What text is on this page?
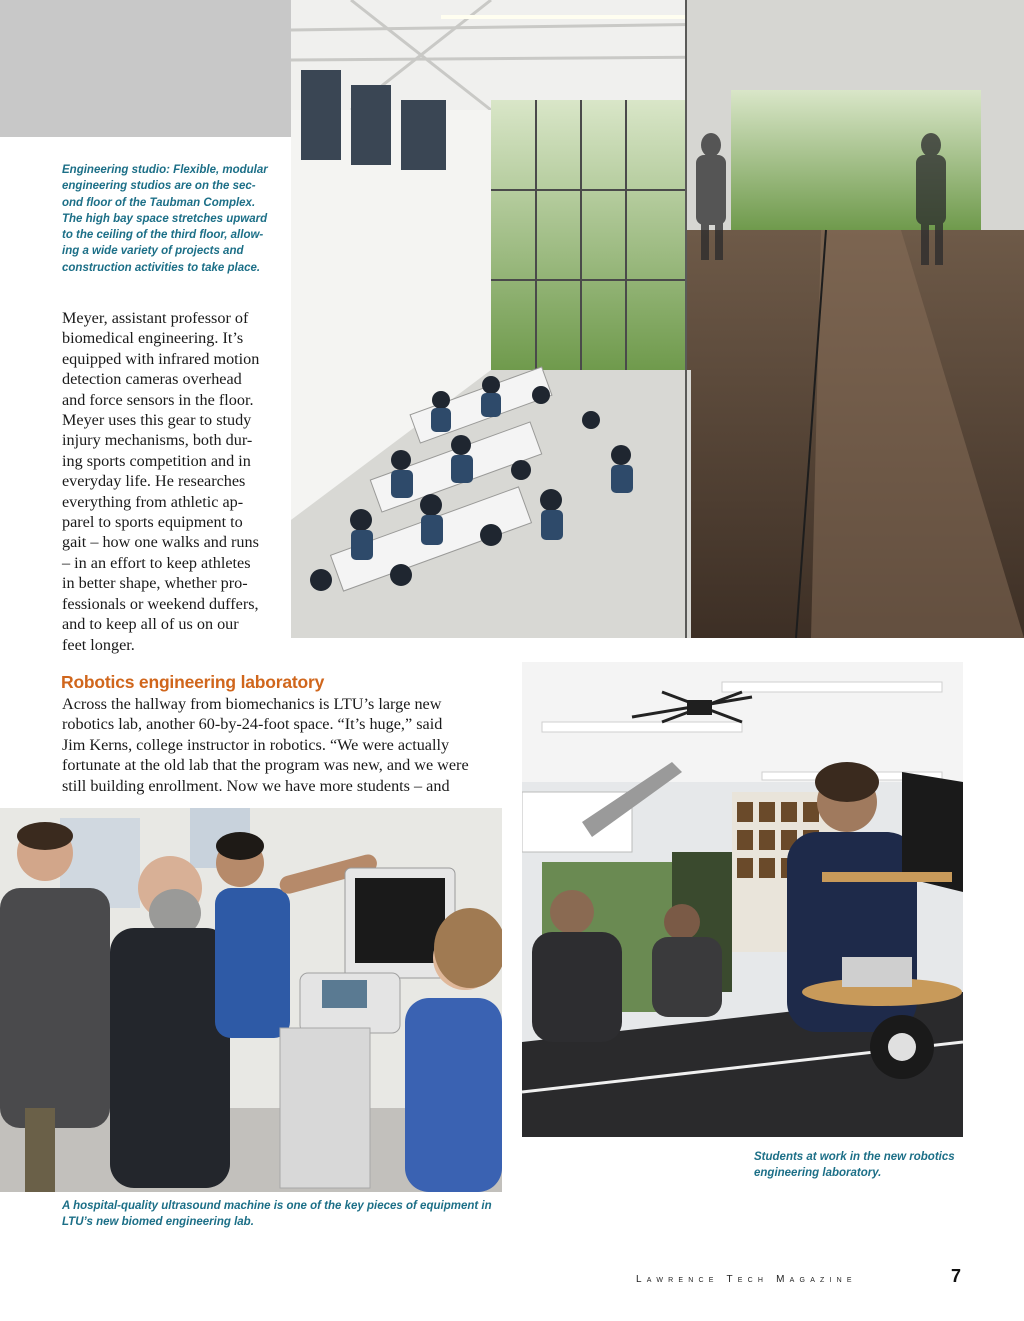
Engineering studio: Flexible, modular
engineering studios are on the sec-
ond floor of the Taubman Complex.
The high bay space stretches upward
to the ceiling of the third floor, allow-
ing a wide variety of projects and
construction activities to take place.
Meyer, assistant professor of
biomedical engineering. It’s
equipped with infrared motion
detection cameras overhead
and force sensors in the floor.
Meyer uses this gear to study
injury mechanisms, both dur-
ing sports competition and in
everyday life. He researches
everything from athletic ap-
parel to sports equipment to
gait – how one walks and runs
– in an effort to keep athletes
in better shape, whether pro-
fessionals or weekend duffers,
and to keep all of us on our
feet longer.
Robotics engineering laboratory
Across the hallway from biomechanics is LTU’s large new
robotics lab, another 60-by-24-foot space. “It’s huge,” said
Jim Kerns, college instructor in robotics. “We were actually
fortunate at the old lab that the program was new, and we were
still building enrollment. Now we have more students – and
Students at work in the new robotics
engineering laboratory.
A hospital-quality ultrasound machine is one of the key pieces of equipment in
LTU’s new biomed engineering lab.
Lawrence Tech Magazine	7
